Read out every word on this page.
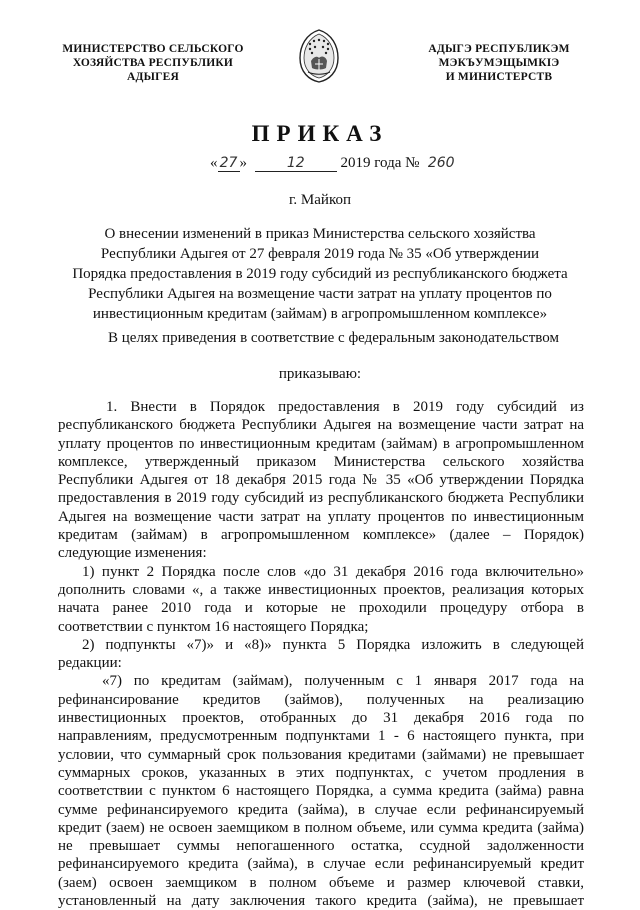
МИНИСТЕРСТВО СЕЛЬСКОГО
ХОЗЯЙСТВА РЕСПУБЛИКИ
АДЫГЕЯ
АДЫГЭ РЕСПУБЛИКЭМ
МЭКЪУМЭЩЫМКIЭ
И МИНИСТЕРСТВ
ПРИКАЗ
« 27 »	12 2019 года № 260
г. Майкоп
О внесении изменений в приказ Министерства сельского хозяйства
Республики Адыгея от 27 февраля 2019 года № 35 «Об утверждении
Порядка предоставления в 2019 году субсидий из республиканского бюджета
Республики Адыгея на возмещение части затрат на уплату процентов по
инвестиционным кредитам (займам) в агропромышленном комплексе»
В целях приведения в соответствие с федеральным законодательством
приказываю:
1. Внести в Порядок предоставления в 2019 году субсидий из
республиканского бюджета Республики Адыгея на возмещение части затрат на
уплату процентов по инвестиционным кредитам (займам) в агропромышленном
комплексе, утвержденный приказом Министерства сельского хозяйства
Республики Адыгея от 18 декабря 2015 года № 35 «Об утверждении Порядка
предоставления в 2019 году субсидий из республиканского бюджета Республики
Адыгея на возмещение части затрат на уплату процентов по инвестиционным
кредитам (займам) в агропромышленном комплексе» (далее – Порядок)
следующие изменения:
1) пункт 2 Порядка после слов «до 31 декабря 2016 года включительно»
дополнить словами «, а также инвестиционных проектов, реализация которых
начата ранее 2010 года и которые не проходили процедуру отбора в
соответствии с пунктом 16 настоящего Порядка;
2) подпункты «7)» и «8)» пункта 5 Порядка изложить в следующей
редакции:
«7) по кредитам (займам), полученным с 1 января 2017 года на
рефинансирование кредитов (займов), полученных на реализацию
инвестиционных проектов, отобранных до 31 декабря 2016 года по
направлениям, предусмотренным подпунктами 1 - 6 настоящего пункта, при
условии, что суммарный срок пользования кредитами (займами) не превышает
суммарных сроков, указанных в этих подпунктах, с учетом продления в
соответствии с пунктом 6 настоящего Порядка, а сумма кредита (займа) равна
сумме рефинансируемого кредита (займа), в случае если рефинансируемый
кредит (заем) не освоен заемщиком в полном объеме, или сумма кредита (займа)
не превышает суммы непогашенного остатка, ссудной задолженности
рефинансируемого кредита (займа), в случае если рефинансируемый кредит
(заем) освоен заемщиком в полном объеме и размер ключевой ставки,
установленный на дату заключения такого кредита (займа), не превышает
